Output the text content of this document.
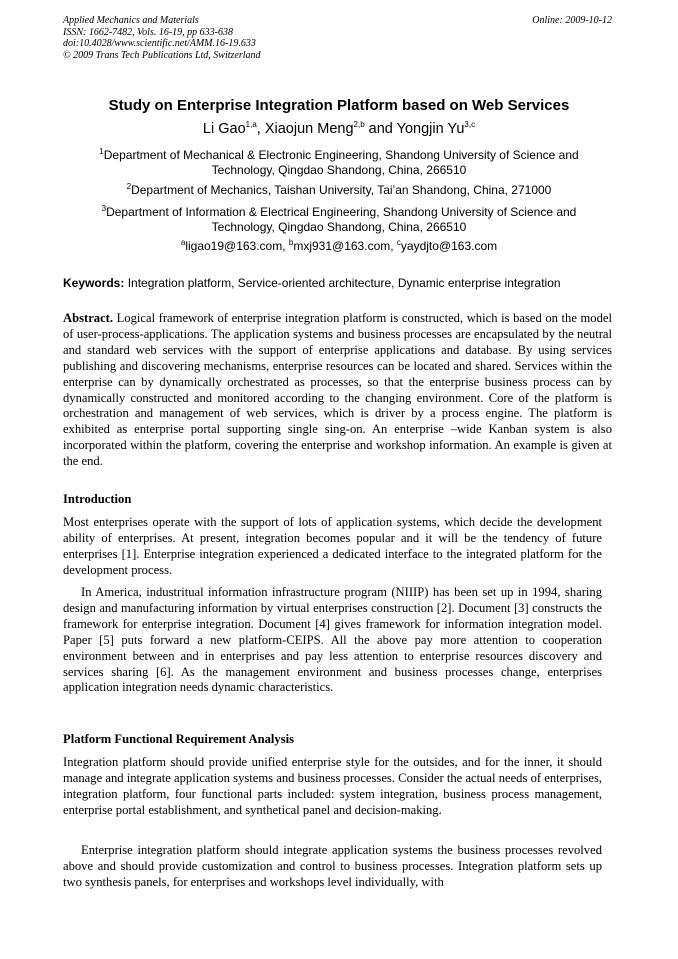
Applied Mechanics and Materials
ISSN: 1662-7482, Vols. 16-19, pp 633-638
doi:10.4028/www.scientific.net/AMM.16-19.633
© 2009 Trans Tech Publications Ltd, Switzerland
Online: 2009-10-12
Study on Enterprise Integration Platform based on Web Services
Li Gao$^{1,a}$, Xiaojun Meng$^{2,b}$ and Yongjin Yu$^{3,c}$
$^1$Department of Mechanical & Electronic Engineering, Shandong University of Science and Technology, Qingdao Shandong, China, 266510
$^2$Department of Mechanics, Taishan University, Tai’an Shandong, China, 271000
$^3$Department of Information & Electrical Engineering, Shandong University of Science and Technology, Qingdao Shandong, China, 266510
$^a$ligao19@163.com, $^b$mxj931@163.com, $^c$yaydjto@163.com
Keywords: Integration platform, Service-oriented architecture, Dynamic enterprise integration
Abstract. Logical framework of enterprise integration platform is constructed, which is based on the model of user-process-applications. The application systems and business processes are encapsulated by the neutral and standard web services with the support of enterprise applications and database. By using services publishing and discovering mechanisms, enterprise resources can be located and shared. Services within the enterprise can by dynamically orchestrated as processes, so that the enterprise business process can by dynamically constructed and monitored according to the changing environment. Core of the platform is orchestration and management of web services, which is driver by a process engine. The platform is exhibited as enterprise portal supporting single sing-on. An enterprise –wide Kanban system is also incorporated within the platform, covering the enterprise and workshop information. An example is given at the end.
Introduction
Most enterprises operate with the support of lots of application systems, which decide the development ability of enterprises. At present, integration becomes popular and it will be the tendency of future enterprises [1]. Enterprise integration experienced a dedicated interface to the integrated platform for the development process.
In America, industritual information infrastructure program (NIIIP) has been set up in 1994, sharing design and manufacturing information by virtual enterprises construction [2]. Document [3] constructs the framework for enterprise integration. Document [4] gives framework for information integration model. Paper [5] puts forward a new platform-CEIPS. All the above pay more attention to cooperation environment between and in enterprises and pay less attention to enterprise resources discovery and services sharing [6]. As the management environment and business processes change, enterprises application integration needs dynamic characteristics.
Platform Functional Requirement Analysis
Integration platform should provide unified enterprise style for the outsides, and for the inner, it should manage and integrate application systems and business processes. Consider the actual needs of enterprises, integration platform, four functional parts included: system integration, business process management, enterprise portal establishment, and synthetical panel and decision-making.
Enterprise integration platform should integrate application systems the business processes revolved above and should provide customization and control to business processes. Integration platform sets up two synthesis panels, for enterprises and workshops level individually, with
